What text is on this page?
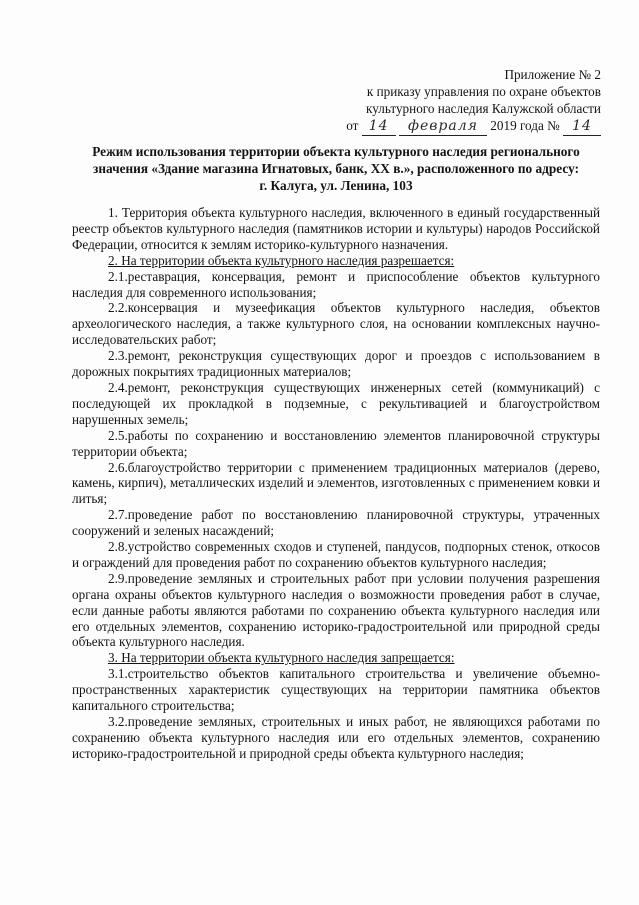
Приложение № 2
к приказу управления по охране объектов
культурного наследия Калужской области
от 14 февраля 2019 года № 14
Режим использования территории объекта культурного наследия регионального
значения «Здание магазина Игнатовых, банк, XX в.», расположенного по адресу:
г. Калуга, ул. Ленина, 103

1. Территория объекта культурного наследия, включенного в единый государственный реестр объектов культурного наследия (памятников истории и культуры) народов Российской Федерации, относится к землям историко-культурного назначения.

2. На территории объекта культурного наследия разрешается:

2.1.реставрация, консервация, ремонт и приспособление объектов культурного наследия для современного использования;

2.2.консервация и музеефикация объектов культурного наследия, объектов археологического наследия, а также культурного слоя, на основании комплексных научно-исследовательских работ;

2.3.ремонт, реконструкция существующих дорог и проездов с использованием в дорожных покрытиях традиционных материалов;

2.4.ремонт, реконструкция существующих инженерных сетей (коммуникаций) с последующей их прокладкой в подземные, с рекультивацией и благоустройством нарушенных земель;

2.5.работы по сохранению и восстановлению элементов планировочной структуры территории объекта;

2.6.благоустройство территории с применением традиционных материалов (дерево, камень, кирпич), металлических изделий и элементов, изготовленных с применением ковки и литья;

2.7.проведение работ по восстановлению планировочной структуры, утраченных сооружений и зеленых насаждений;

2.8.устройство современных сходов и ступеней, пандусов, подпорных стенок, откосов и ограждений для проведения работ по сохранению объектов культурного наследия;

2.9.проведение земляных и строительных работ при условии получения разрешения органа охраны объектов культурного наследия о возможности проведения работ в случае, если данные работы являются работами по сохранению объекта культурного наследия или его отдельных элементов, сохранению историко-градостроительной или природной среды объекта культурного наследия.

3. На территории объекта культурного наследия запрещается:

3.1.строительство объектов капитального строительства и увеличение объемно-пространственных характеристик существующих на территории памятника объектов капитального строительства;

3.2.проведение земляных, строительных и иных работ, не являющихся работами по сохранению объекта культурного наследия или его отдельных элементов, сохранению историко-градостроительной и природной среды объекта культурного наследия;
